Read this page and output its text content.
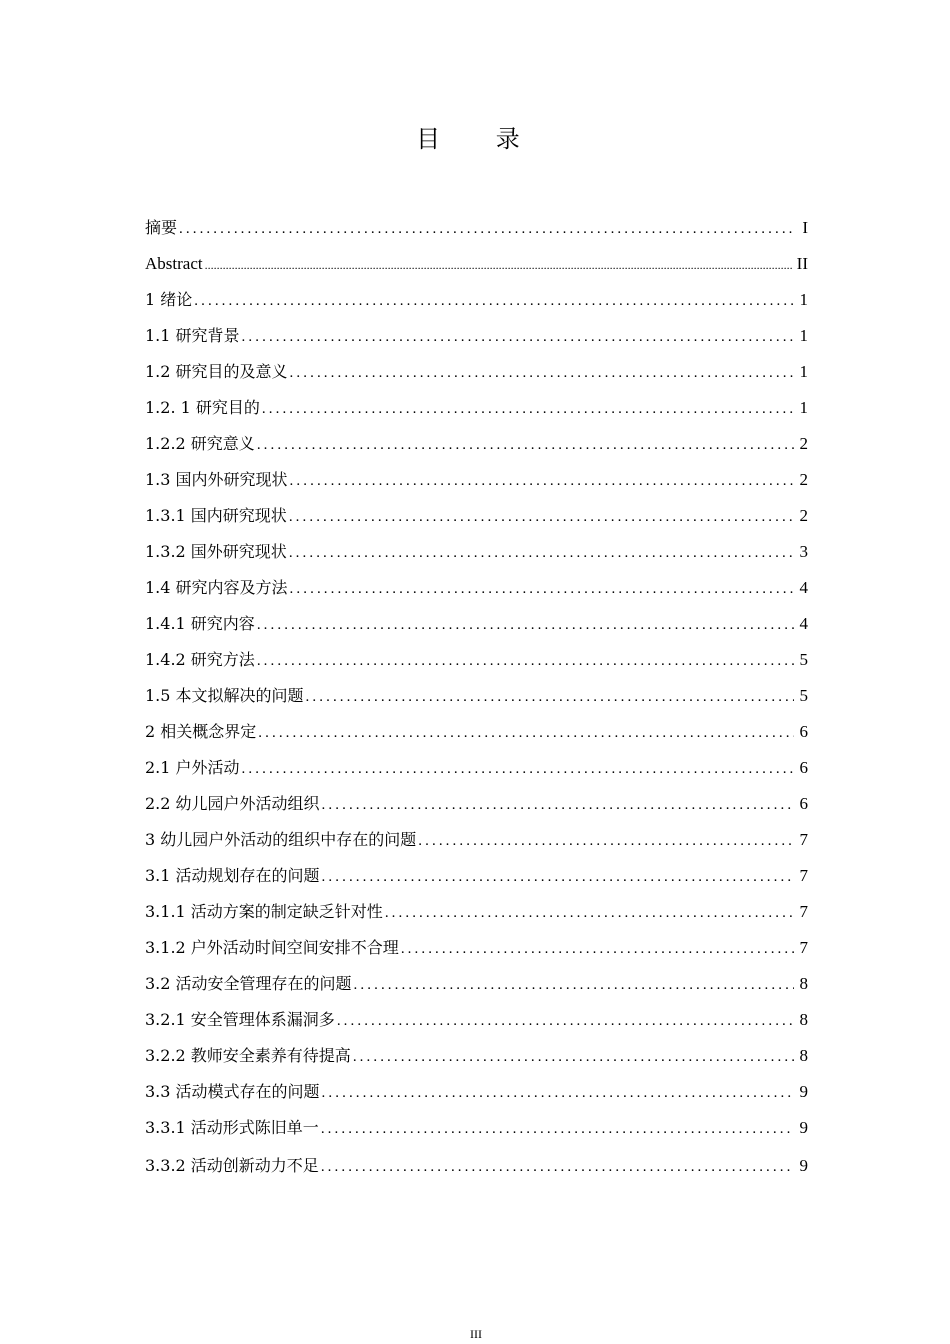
目 录
摘要 .....	I
Abstract .....	II
1 绪论 .....	1
1.1 研究背景 .....	1
1.2 研究目的及意义 .....	1
1.2. 1 研究目的 .....	1
1.2.2 研究意义 .....	2
1.3 国内外研究现状 .....	2
1.3.1 国内研究现状 .....	2
1.3.2 国外研究现状 .....	3
1.4 研究内容及方法 .....	4
1.4.1 研究内容 .....	4
1.4.2 研究方法 .....	5
1.5 本文拟解决的问题 .....	5
2 相关概念界定 .....	6
2.1 户外活动 .....	6
2.2 幼儿园户外活动组织 .....	6
3 幼儿园户外活动的组织中存在的问题 .....	7
3.1 活动规划存在的问题 .....	7
3.1.1 活动方案的制定缺乏针对性 .....	7
3.1.2 户外活动时间空间安排不合理 .....	7
3.2 活动安全管理存在的问题 .....	8
3.2.1 安全管理体系漏洞多 .....	8
3.2.2 教师安全素养有待提高 .....	8
3.3 活动模式存在的问题 .....	9
3.3.1 活动形式陈旧单一 .....	9
3.3.2 活动创新动力不足 .....	9
III
